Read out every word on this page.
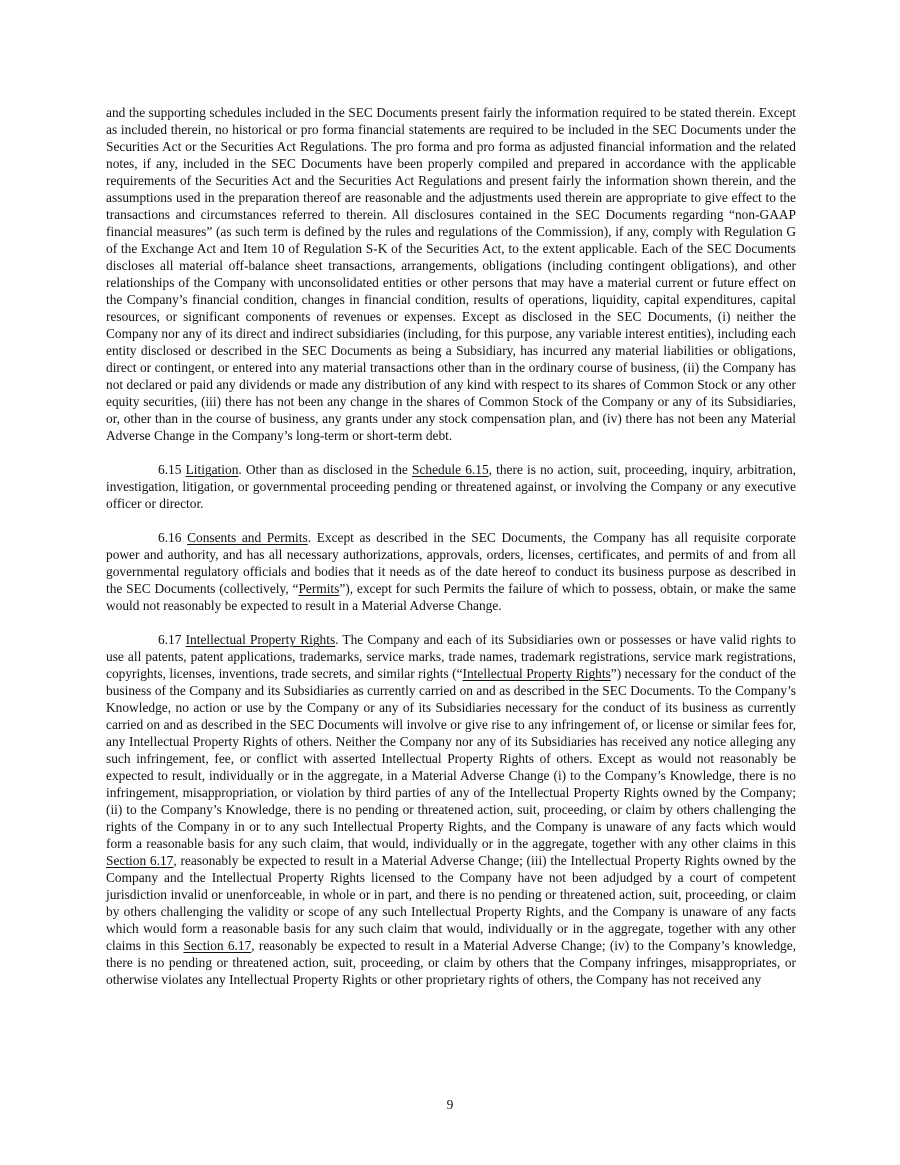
and the supporting schedules included in the SEC Documents present fairly the information required to be stated therein. Except as included therein, no historical or pro forma financial statements are required to be included in the SEC Documents under the Securities Act or the Securities Act Regulations. The pro forma and pro forma as adjusted financial information and the related notes, if any, included in the SEC Documents have been properly compiled and prepared in accordance with the applicable requirements of the Securities Act and the Securities Act Regulations and present fairly the information shown therein, and the assumptions used in the preparation thereof are reasonable and the adjustments used therein are appropriate to give effect to the transactions and circumstances referred to therein. All disclosures contained in the SEC Documents regarding “non-GAAP financial measures” (as such term is defined by the rules and regulations of the Commission), if any, comply with Regulation G of the Exchange Act and Item 10 of Regulation S-K of the Securities Act, to the extent applicable. Each of the SEC Documents discloses all material off-balance sheet transactions, arrangements, obligations (including contingent obligations), and other relationships of the Company with unconsolidated entities or other persons that may have a material current or future effect on the Company’s financial condition, changes in financial condition, results of operations, liquidity, capital expenditures, capital resources, or significant components of revenues or expenses. Except as disclosed in the SEC Documents, (i) neither the Company nor any of its direct and indirect subsidiaries (including, for this purpose, any variable interest entities), including each entity disclosed or described in the SEC Documents as being a Subsidiary, has incurred any material liabilities or obligations, direct or contingent, or entered into any material transactions other than in the ordinary course of business, (ii) the Company has not declared or paid any dividends or made any distribution of any kind with respect to its shares of Common Stock or any other equity securities, (iii) there has not been any change in the shares of Common Stock of the Company or any of its Subsidiaries, or, other than in the course of business, any grants under any stock compensation plan, and (iv) there has not been any Material Adverse Change in the Company’s long-term or short-term debt.

6.15 Litigation. Other than as disclosed in the Schedule 6.15, there is no action, suit, proceeding, inquiry, arbitration, investigation, litigation, or governmental proceeding pending or threatened against, or involving the Company or any executive officer or director.

6.16 Consents and Permits. Except as described in the SEC Documents, the Company has all requisite corporate power and authority, and has all necessary authorizations, approvals, orders, licenses, certificates, and permits of and from all governmental regulatory officials and bodies that it needs as of the date hereof to conduct its business purpose as described in the SEC Documents (collectively, “Permits”), except for such Permits the failure of which to possess, obtain, or make the same would not reasonably be expected to result in a Material Adverse Change.

6.17 Intellectual Property Rights. The Company and each of its Subsidiaries own or possesses or have valid rights to use all patents, patent applications, trademarks, service marks, trade names, trademark registrations, service mark registrations, copyrights, licenses, inventions, trade secrets, and similar rights (“Intellectual Property Rights”) necessary for the conduct of the business of the Company and its Subsidiaries as currently carried on and as described in the SEC Documents. To the Company’s Knowledge, no action or use by the Company or any of its Subsidiaries necessary for the conduct of its business as currently carried on and as described in the SEC Documents will involve or give rise to any infringement of, or license or similar fees for, any Intellectual Property Rights of others. Neither the Company nor any of its Subsidiaries has received any notice alleging any such infringement, fee, or conflict with asserted Intellectual Property Rights of others. Except as would not reasonably be expected to result, individually or in the aggregate, in a Material Adverse Change (i) to the Company’s Knowledge, there is no infringement, misappropriation, or violation by third parties of any of the Intellectual Property Rights owned by the Company; (ii) to the Company’s Knowledge, there is no pending or threatened action, suit, proceeding, or claim by others challenging the rights of the Company in or to any such Intellectual Property Rights, and the Company is unaware of any facts which would form a reasonable basis for any such claim, that would, individually or in the aggregate, together with any other claims in this Section 6.17, reasonably be expected to result in a Material Adverse Change; (iii) the Intellectual Property Rights owned by the Company and the Intellectual Property Rights licensed to the Company have not been adjudged by a court of competent jurisdiction invalid or unenforceable, in whole or in part, and there is no pending or threatened action, suit, proceeding, or claim by others challenging the validity or scope of any such Intellectual Property Rights, and the Company is unaware of any facts which would form a reasonable basis for any such claim that would, individually or in the aggregate, together with any other claims in this Section 6.17, reasonably be expected to result in a Material Adverse Change; (iv) to the Company’s knowledge, there is no pending or threatened action, suit, proceeding, or claim by others that the Company infringes, misappropriates, or otherwise violates any Intellectual Property Rights or other proprietary rights of others, the Company has not received any

9
